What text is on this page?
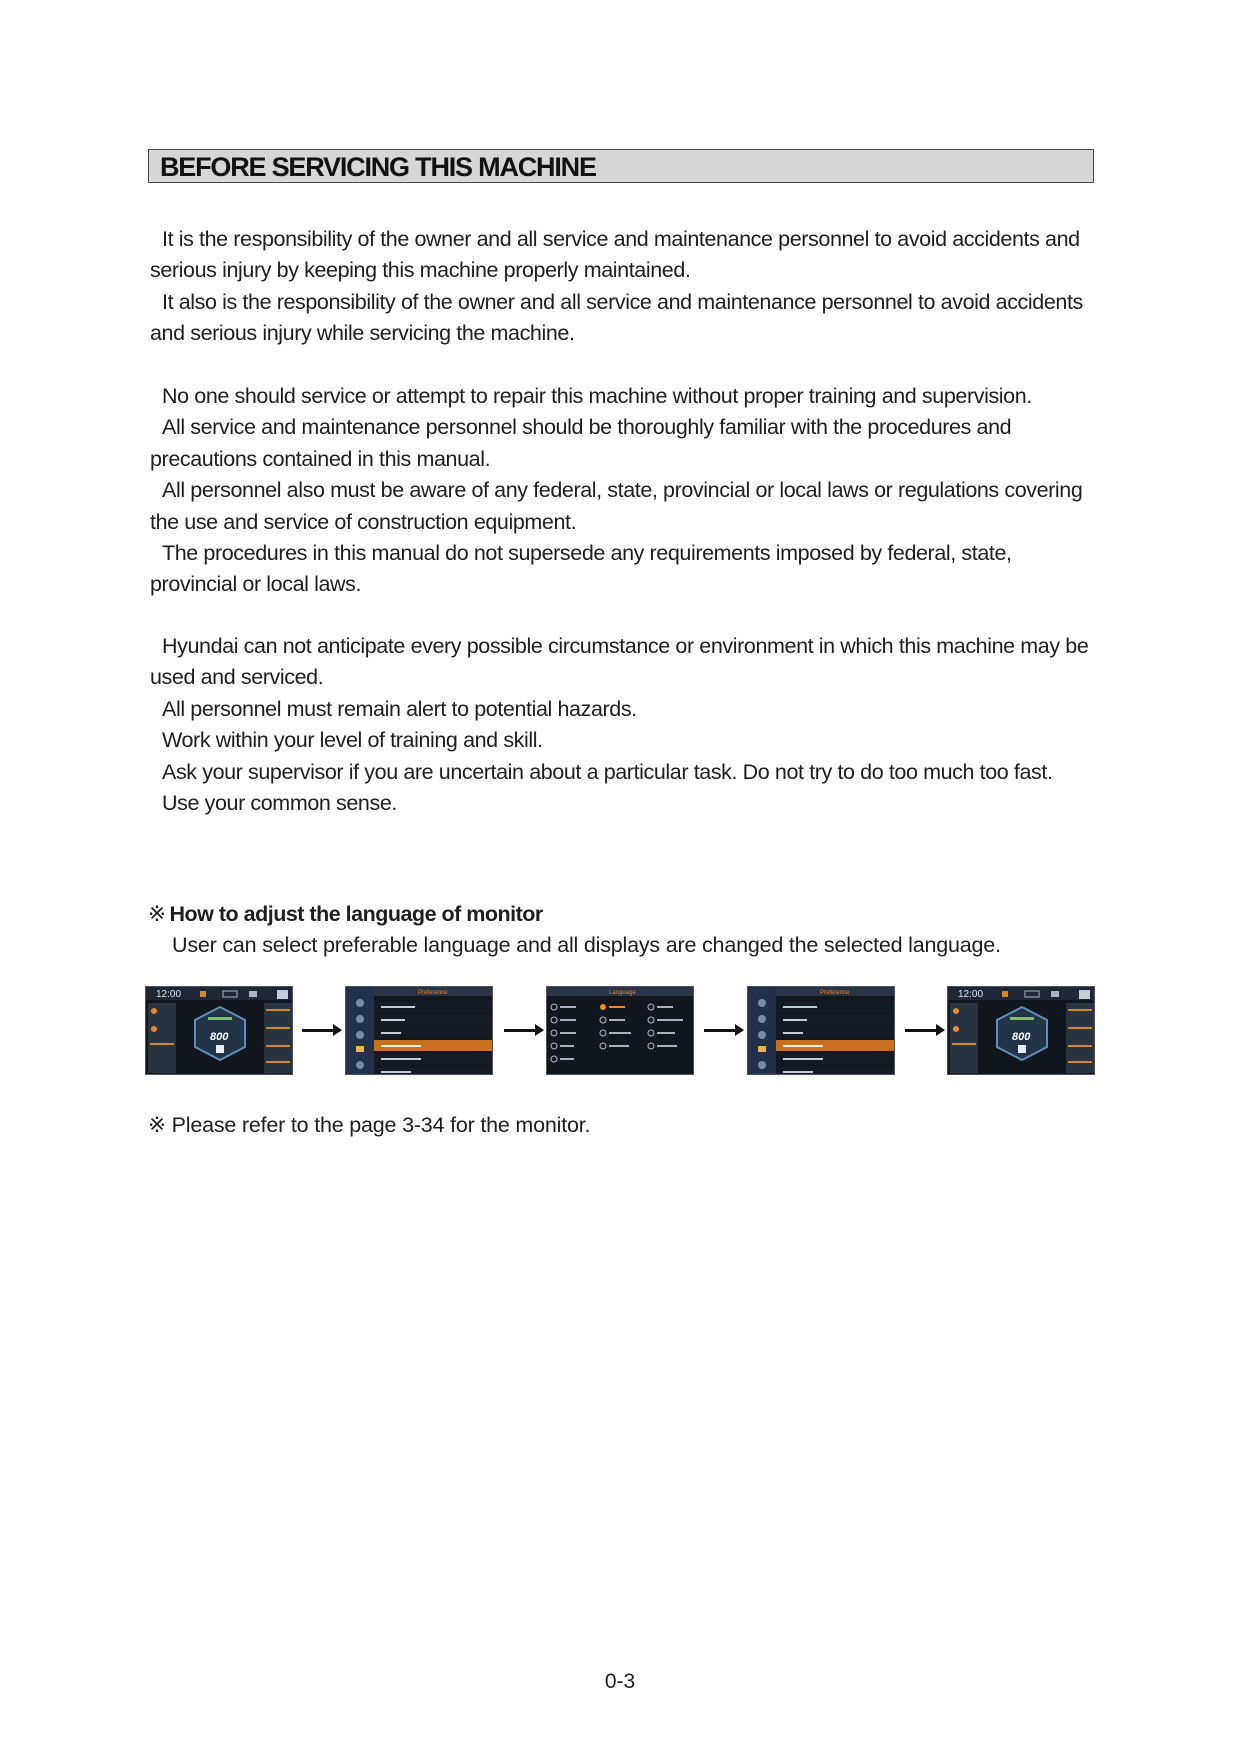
BEFORE SERVICING THIS MACHINE

It is the responsibility of the owner and all service and maintenance personnel to avoid accidents and serious injury by keeping this machine properly maintained.

It also is the responsibility of the owner and all service and maintenance personnel to avoid accidents and serious injury while servicing the machine.

No one should service or attempt to repair this machine without proper training and supervision.

All service and maintenance personnel should be thoroughly familiar with the procedures and precautions contained in this manual.

All personnel also must be aware of any federal, state, provincial or local laws or regulations covering the use and service of construction equipment.

The procedures in this manual do not supersede any requirements imposed by federal, state, provincial or local laws.

Hyundai can not anticipate every possible circumstance or environment in which this machine may be used and serviced.

All personnel must remain alert to potential hazards.

Work within your level of training and skill.

Ask your supervisor if you are uncertain about a particular task. Do not try to do too much too fast.

Use your common sense.

※ How to adjust the language of monitor
User can select preferable language and all displays are changed the selected language.
12:00
800
Preference	Language	Preference	12:00
800
※ Please refer to the page 3-34 for the monitor.
0-3
